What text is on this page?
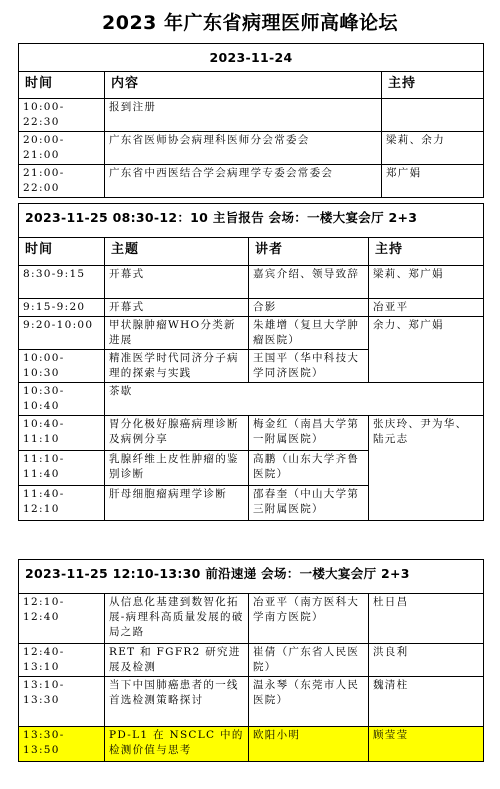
2023 年广东省病理医师高峰论坛
2023-11-24		
时间	内容	主持
10:00-22:30	报到注册	
20:00-21:00	广东省医师协会病理科医师分会常委会	梁莉、余力
21:00-22:00	广东省中西医结合学会病理学专委会常委会	郑广娟
2023-11-25 08:30-12：10 主旨报告 会场：一楼大宴会厅 2+3			
时间	主题	讲者	主持
8:30-9:15	开幕式	嘉宾介绍、领导致辞	梁莉、郑广娟
9:15-9:20	开幕式	合影	冶亚平
9:20-10:00	甲状腺肿瘤WHO分类新进展	朱雄增（复旦大学肿瘤医院）	余力、郑广娟
10:00-10:30	精准医学时代同济分子病理的探索与实践	王国平（华中科技大学同济医院）	
10:30-10:40	茶歇		
10:40-11:10	胃分化极好腺癌病理诊断及病例分享	梅金红（南昌大学第一附属医院）	张庆玲、尹为华、陆元志
11:10-11:40	乳腺纤维上皮性肿瘤的鉴别诊断	高鹏（山东大学齐鲁医院）	
11:40-12:10	肝母细胞瘤病理学诊断	邵春奎（中山大学第三附属医院）	
2023-11-25 12:10-13:30 前沿速递 会场：一楼大宴会厅 2+3			
12:10-12:40	从信息化基建到数智化拓展-病理科高质量发展的破局之路	冶亚平（南方医科大学南方医院）	杜日昌
12:40-13:10	RET 和 FGFR2 研究进展及检测	崔倩（广东省人民医院）	洪良利
13:10-13:30	当下中国肺癌患者的一线首选检测策略探讨	温永琴（东莞市人民医院）	魏清柱
13:30-13:50	PD-L1 在 NSCLC 中的检测价值与思考	欧阳小明	顾莹莹
